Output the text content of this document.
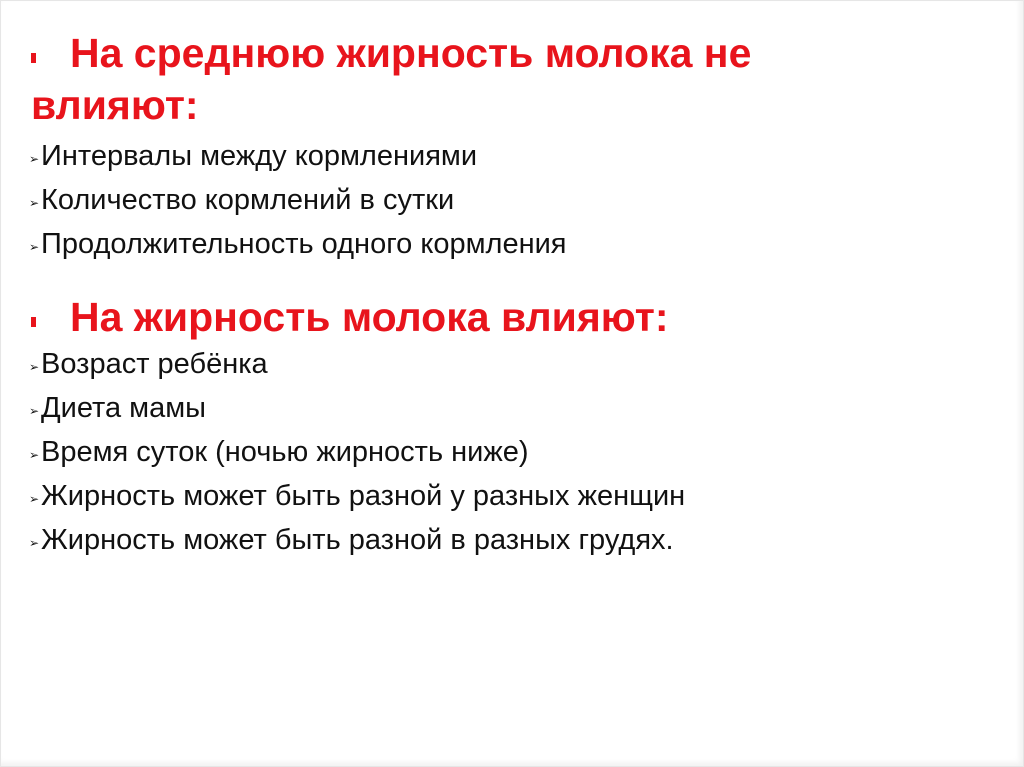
На среднюю жирность молока не
влияют:
➢Интервалы между кормлениями
➢Количество кормлений в сутки
➢Продолжительность одного кормления
На жирность молока влияют:
➢Возраст ребёнка
➢Диета мамы
➢Время суток (ночью жирность ниже)
➢Жирность может быть разной у разных женщин
➢Жирность может быть разной в разных грудях.
